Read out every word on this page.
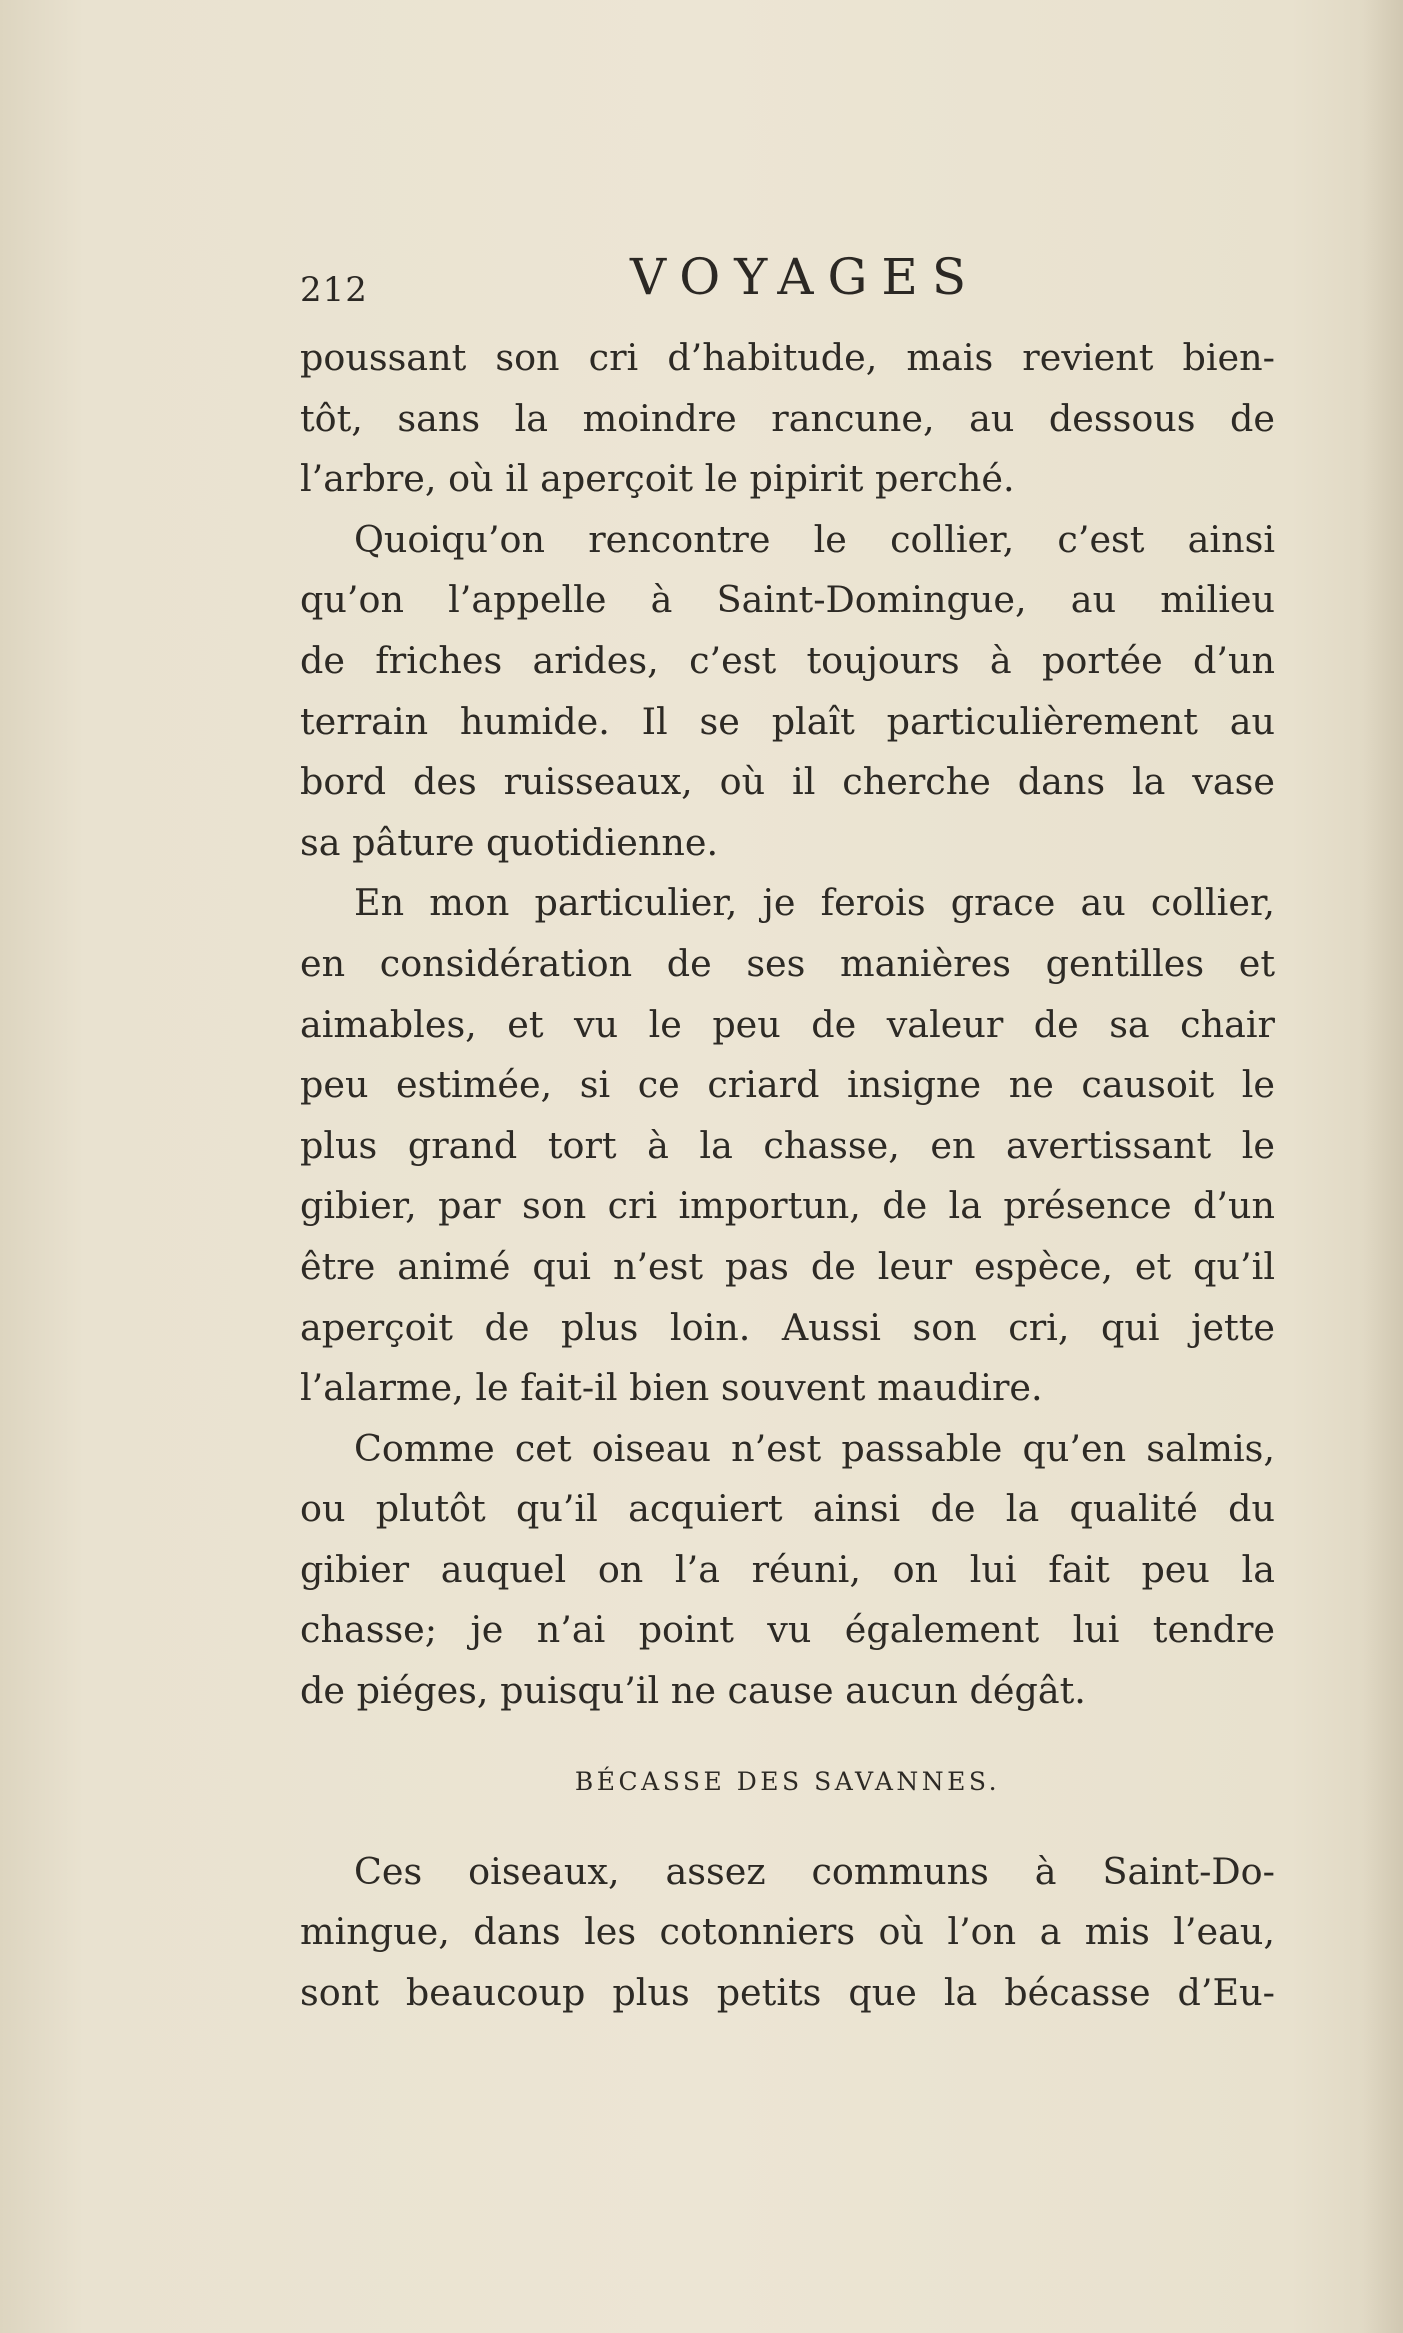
212	VOYAGES

poussant son cri d’habitude, mais revient bien-

tôt, sans la moindre rancune, au dessous de

l’arbre, où il aperçoit le pipirit perché.

Quoiqu’on rencontre le collier, c’est ainsi

qu’on l’appelle à Saint-Domingue, au milieu

de friches arides, c’est toujours à portée d’un

terrain humide. Il se plaît particulièrement au

bord des ruisseaux, où il cherche dans la vase

sa pâture quotidienne.

En mon particulier, je ferois grace au collier,

en considération de ses manières gentilles et

aimables, et vu le peu de valeur de sa chair

peu estimée, si ce criard insigne ne causoit le

plus grand tort à la chasse, en avertissant le

gibier, par son cri importun, de la présence d’un

être animé qui n’est pas de leur espèce, et qu’il

aperçoit de plus loin. Aussi son cri, qui jette

l’alarme, le fait-il bien souvent maudire.

Comme cet oiseau n’est passable qu’en salmis,

ou plutôt qu’il acquiert ainsi de la qualité du

gibier auquel on l’a réuni, on lui fait peu la

chasse; je n’ai point vu également lui tendre

de piéges, puisqu’il ne cause aucun dégât.

BÉCASSE DES SAVANNES.

Ces oiseaux, assez communs à Saint-Do-

mingue, dans les cotonniers où l’on a mis l’eau,

sont beaucoup plus petits que la bécasse d’Eu-
